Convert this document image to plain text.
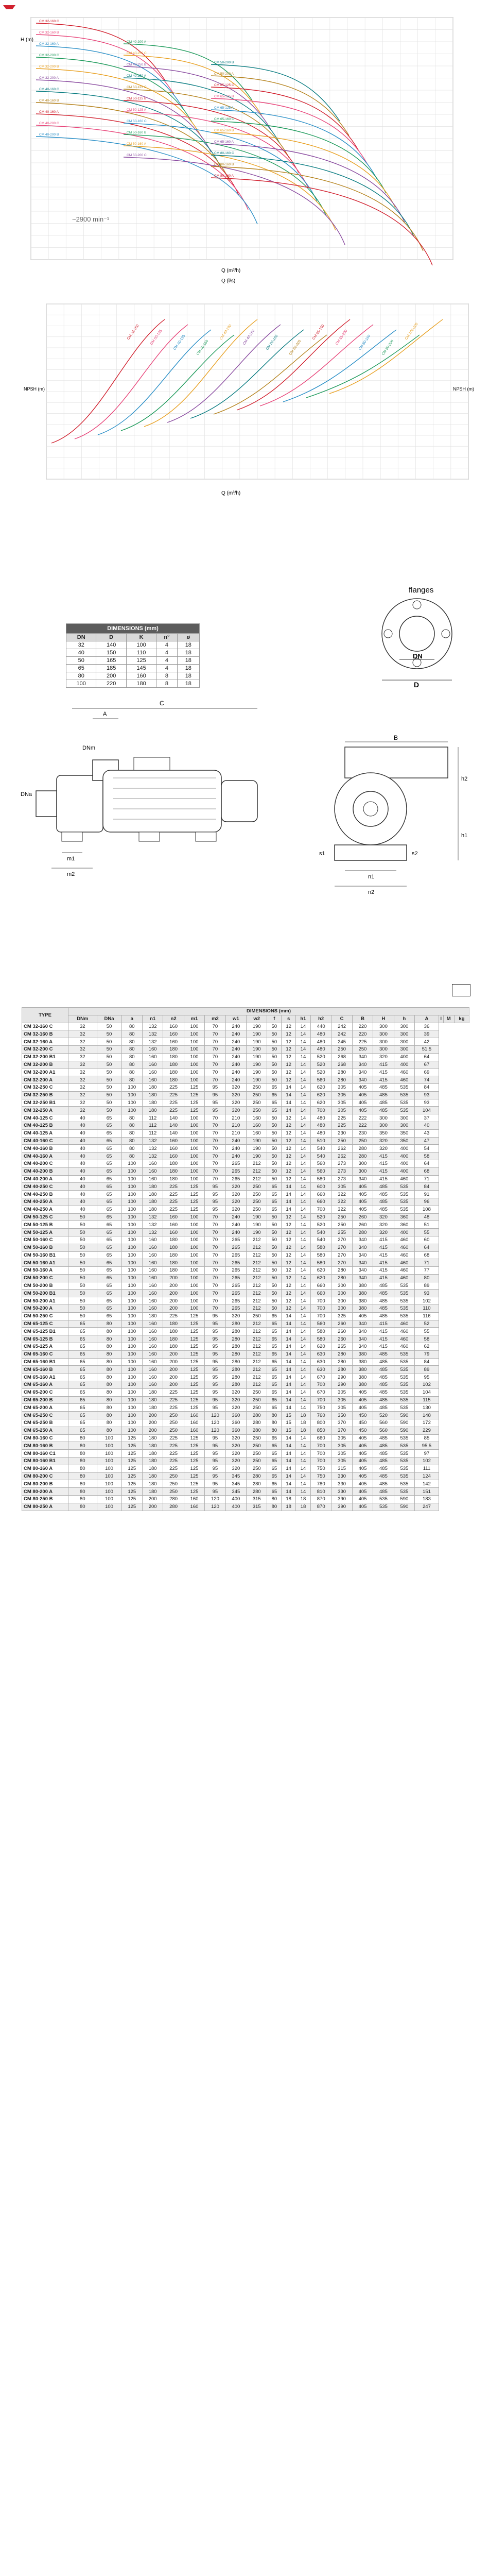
CM 32-160 C
CM 32-160 B
CM 32-160 A
CM 32-200 C
CM 32-200 B
CM 32-200 A
CM 40-160 C
CM 40-160 B
CM 40-160 A
CM 40-200 C
CM 40-200 B
CM 40-200 A
CM 40-250 C
CM 40-250 B
CM 40-250 A
CM 50-125 C
CM 50-125 B
CM 50-125 A
CM 50-160 C
CM 50-160 B
CM 50-160 A
CM 50-200 C
CM 50-200 B
CM 50-200 A
CM 65-125 C
CM 65-125 B
CM 65-125 A
CM 65-160 C
CM 65-160 B
CM 65-160 A
CM 80-160 C
CM 80-160 B
CM 80-160 A
H (m)
Q (m³/h)
Q (l/s)
~2900 min⁻¹
CM 32-250	CM 50-125	CM 40-125	CM 40-160
CM 40-200	CM 40-250	CM 50-160	CM 50-200
CM 65-160	CM 65-200	CM 80-160	CM 80-200
CM 100-200
NPSH (m)	NPSH (m)
Q (m³/h)
flanges
DN
D
DIMENSIONS (mm)				
DN	D	K	n°	ø
32	140	100	4	18
40	150	110	4	18
50	165	125	4	18
65	185	145	4	18
80	200	160	8	18
100	220	180	8	18
C
A
DNm
DNa
m1
m2
B
h2
h1
n1
n2
s1	s2
TYPE	DIMENSIONS (mm)																				
	DNm	DNa	a	n1	n2	m1	m2	w1	w2	f	s	h1	h2	C	B	H	h	A	I	M	kg
CM 32-160 C	32	50	80	132	160	100	70	240	190	50	12	14	440	242	220	300	300	36			
CM 32-160 B	32	50	80	132	160	100	70	240	190	50	12	14	480	242	220	300	300	39			
CM 32-160 A	32	50	80	132	160	100	70	240	190	50	12	14	480	245	225	300	300	42			
CM 32-200 C	32	50	80	160	180	100	70	240	190	50	12	14	480	250	250	300	300	51,5			
CM 32-200 B1	32	50	80	160	180	100	70	240	190	50	12	14	520	268	340	320	400	64			
CM 32-200 B	32	50	80	160	180	100	70	240	190	50	12	14	520	268	340	415	400	67			
CM 32-200 A1	32	50	80	160	180	100	70	240	190	50	12	14	520	280	340	415	460	69			
CM 32-200 A	32	50	80	160	180	100	70	240	190	50	12	14	560	280	340	415	460	74			
CM 32-250 C	32	50	100	180	225	125	95	320	250	65	14	14	620	305	405	485	535	84			
CM 32-250 B	32	50	100	180	225	125	95	320	250	65	14	14	620	305	405	485	535	93			
CM 32-250 B1	32	50	100	180	225	125	95	320	250	65	14	14	620	305	405	485	535	93			
CM 32-250 A	32	50	100	180	225	125	95	320	250	65	14	14	700	305	405	485	535	104			
CM 40-125 C	40	65	80	112	140	100	70	210	160	50	12	14	480	225	222	300	300	37			
CM 40-125 B	40	65	80	112	140	100	70	210	160	50	12	14	480	225	222	300	300	40			
CM 40-125 A	40	65	80	112	140	100	70	210	160	50	12	14	480	230	230	350	350	43			
CM 40-160 C	40	65	80	132	160	100	70	240	190	50	12	14	510	250	250	320	350	47			
CM 40-160 B	40	65	80	132	160	100	70	240	190	50	12	14	540	262	280	320	400	54			
CM 40-160 A	40	65	80	132	160	100	70	240	190	50	12	14	540	262	280	415	400	58			
CM 40-200 C	40	65	100	160	180	100	70	265	212	50	12	14	560	273	300	415	400	64			
CM 40-200 B	40	65	100	160	180	100	70	265	212	50	12	14	560	273	300	415	400	68			
CM 40-200 A	40	65	100	160	180	100	70	265	212	50	12	14	580	273	340	415	460	71			
CM 40-250 C	40	65	100	180	225	125	95	320	250	65	14	14	600	305	405	485	535	84			
CM 40-250 B	40	65	100	180	225	125	95	320	250	65	14	14	660	322	405	485	535	91			
CM 40-250 A	40	65	100	180	225	125	95	320	250	65	14	14	660	322	405	485	535	96			
CM 40-250 A	40	65	100	180	225	125	95	320	250	65	14	14	700	322	405	485	535	108			
CM 50-125 C	50	65	100	132	160	100	70	240	190	50	12	14	520	250	260	320	360	48			
CM 50-125 B	50	65	100	132	160	100	70	240	190	50	12	14	520	250	260	320	360	51			
CM 50-125 A	50	65	100	132	160	100	70	240	190	50	12	14	540	255	280	320	400	55			
CM 50-160 C	50	65	100	160	180	100	70	265	212	50	12	14	540	270	340	415	460	60			
CM 50-160 B	50	65	100	160	180	100	70	265	212	50	12	14	580	270	340	415	460	64			
CM 50-160 B1	50	65	100	160	180	100	70	265	212	50	12	14	580	270	340	415	460	68			
CM 50-160 A1	50	65	100	160	180	100	70	265	212	50	12	14	580	270	340	415	460	71			
CM 50-160 A	50	65	100	160	180	100	70	265	212	50	12	14	620	280	340	415	460	77			
CM 50-200 C	50	65	100	160	200	100	70	265	212	50	12	14	620	280	340	415	460	80			
CM 50-200 B	50	65	100	160	200	100	70	265	212	50	12	14	660	300	380	485	535	89			
CM 50-200 B1	50	65	100	160	200	100	70	265	212	50	12	14	660	300	380	485	535	93			
CM 50-200 A1	50	65	100	160	200	100	70	265	212	50	12	14	700	300	380	485	535	102			
CM 50-200 A	50	65	100	160	200	100	70	265	212	50	12	14	700	300	380	485	535	110			
CM 50-250 C	50	65	100	180	225	125	95	320	250	65	14	14	700	325	405	485	535	116			
CM 65-125 C	65	80	100	160	180	125	95	280	212	65	14	14	560	260	340	415	460	52			
CM 65-125 B1	65	80	100	160	180	125	95	280	212	65	14	14	580	260	340	415	460	55			
CM 65-125 B	65	80	100	160	180	125	95	280	212	65	14	14	580	260	340	415	460	58			
CM 65-125 A	65	80	100	160	180	125	95	280	212	65	14	14	620	265	340	415	460	62			
CM 65-160 C	65	80	100	160	200	125	95	280	212	65	14	14	630	280	380	485	535	79			
CM 65-160 B1	65	80	100	160	200	125	95	280	212	65	14	14	630	280	380	485	535	84			
CM 65-160 B	65	80	100	160	200	125	95	280	212	65	14	14	630	280	380	485	535	89			
CM 65-160 A1	65	80	100	160	200	125	95	280	212	65	14	14	670	290	380	485	535	95			
CM 65-160 A	65	80	100	160	200	125	95	280	212	65	14	14	700	290	380	485	535	102			
CM 65-200 C	65	80	100	180	225	125	95	320	250	65	14	14	670	305	405	485	535	104			
CM 65-200 B	65	80	100	180	225	125	95	320	250	65	14	14	700	305	405	485	535	115			
CM 65-200 A	65	80	100	180	225	125	95	320	250	65	14	14	750	305	405	485	535	130			
CM 65-250 C	65	80	100	200	250	160	120	360	280	80	15	18	760	350	450	520	590	148			
CM 65-250 B	65	80	100	200	250	160	120	360	280	80	15	18	800	370	450	560	590	172			
CM 65-250 A	65	80	100	200	250	160	120	360	280	80	15	18	850	370	450	560	590	229			
CM 80-160 C	80	100	125	180	225	125	95	320	250	65	14	14	660	305	405	485	535	85			
CM 80-160 B	80	100	125	180	225	125	95	320	250	65	14	14	700	305	405	485	535	95,5			
CM 80-160 C1	80	100	125	180	225	125	95	320	250	65	14	14	700	305	405	485	535	97			
CM 80-160 B1	80	100	125	180	225	125	95	320	250	65	14	14	700	305	405	485	535	102			
CM 80-160 A	80	100	125	180	225	125	95	320	250	65	14	14	750	315	405	485	535	111			
CM 80-200 C	80	100	125	180	250	125	95	345	280	65	14	14	750	330	405	485	535	124			
CM 80-200 B	80	100	125	180	250	125	95	345	280	65	14	14	780	330	405	485	535	142			
CM 80-200 A	80	100	125	180	250	125	95	345	280	65	14	14	810	330	405	485	535	151			
CM 80-250 B	80	100	125	200	280	160	120	400	315	80	18	18	870	390	405	535	590	183			
CM 80-250 A	80	100	125	200	280	160	120	400	315	80	18	18	870	390	405	535	590	247			
